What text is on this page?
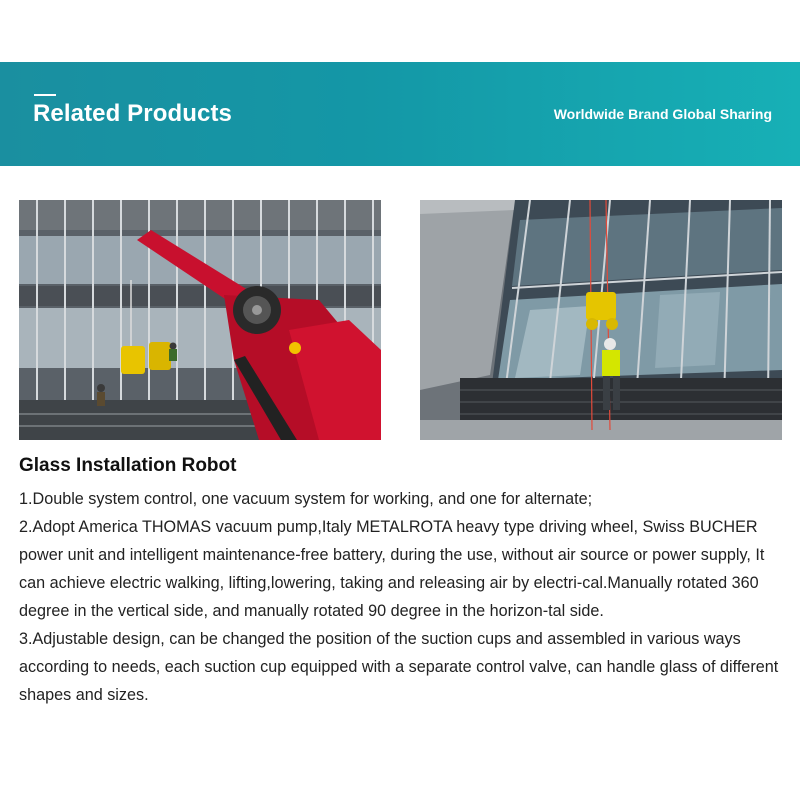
Related Products	Worldwide Brand Global Sharing
Glass Installation Robot

1.Double system control, one vacuum system for working, and one for alternate;

2.Adopt America THOMAS vacuum pump,Italy METALROTA heavy type driving wheel, Swiss BUCHER power unit and intelligent maintenance-free battery, during the use, without air source or power supply, It can achieve electric walking, lifting,lowering, taking and releasing air by electri-cal.Manually rotated 360 degree in the vertical side, and manually rotated 90 degree in the horizon-tal side.

3.Adjustable design, can be changed the position of the suction cups and assembled in various ways according to needs, each suction cup equipped with a separate control valve, can handle glass of different shapes and sizes.
